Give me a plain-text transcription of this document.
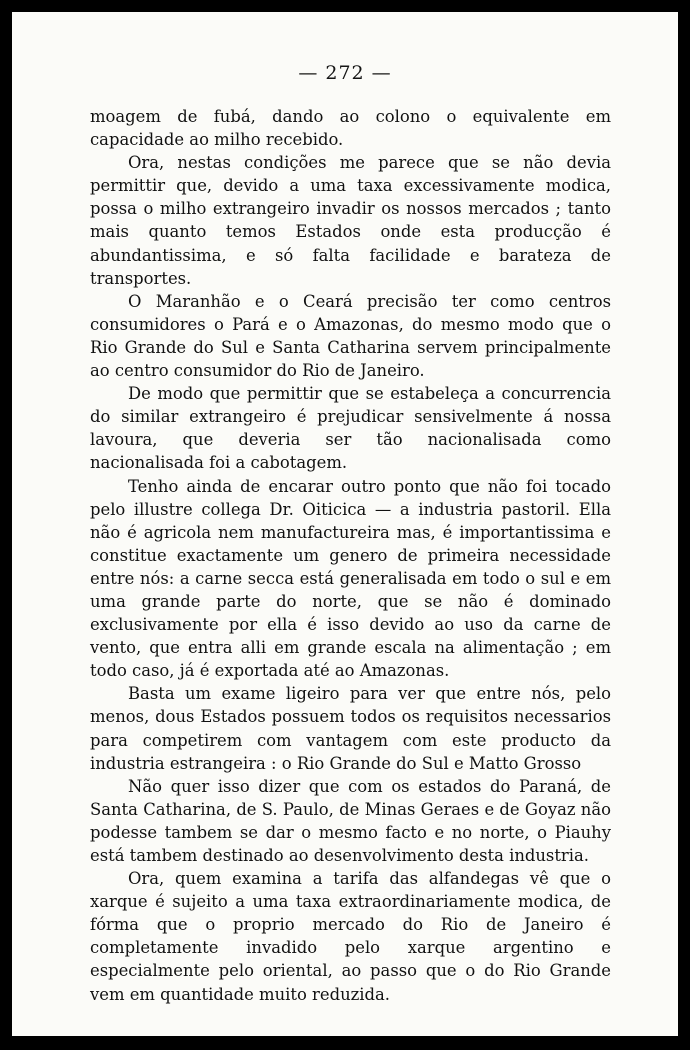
— 272 —

moagem de fubá, dando ao colono o equivalente em capacidade ao milho recebido.

Ora, nestas condições me parece que se não devia permittir que, devido a uma taxa excessivamente modica, possa o milho extrangeiro invadir os nossos mercados ; tanto mais quanto temos Estados onde esta producção é abundantissima, e só falta facilidade e barateza de transportes.

O Maranhão e o Ceará precisão ter como centros consumidores o Pará e o Amazonas, do mesmo modo que o Rio Grande do Sul e Santa Catharina servem principalmente ao centro consumidor do Rio de Janeiro.

De modo que permittir que se estabeleça a concurrencia do similar extrangeiro é prejudicar sensivelmente á nossa lavoura, que deveria ser tão nacionalisada como nacionalisada foi a cabotagem.

Tenho ainda de encarar outro ponto que não foi tocado pelo illustre collega Dr. Oiticica — a industria pastoril. Ella não é agricola nem manufactureira mas, é importantissima e constitue exactamente um genero de primeira necessidade entre nós: a carne secca está generalisada em todo o sul e em uma grande parte do norte, que se não é dominado exclusivamente por ella é isso devido ao uso da carne de vento, que entra alli em grande escala na alimentação ; em todo caso, já é exportada até ao Amazonas.

Basta um exame ligeiro para ver que entre nós, pelo menos, dous Estados possuem todos os requisitos necessarios para competirem com vantagem com este producto da industria estrangeira : o Rio Grande do Sul e Matto Grosso

Não quer isso dizer que com os estados do Paraná, de Santa Catharina, de S. Paulo, de Minas Geraes e de Goyaz não podesse tambem se dar o mesmo facto e no norte, o Piauhy está tambem destinado ao desenvolvimento desta industria.

Ora, quem examina a tarifa das alfandegas vê que o xarque é sujeito a uma taxa extraordinariamente modica, de fórma que o proprio mercado do Rio de Janeiro é completamente invadido pelo xarque argentino e especialmente pelo oriental, ao passo que o do Rio Grande vem em quantidade muito reduzida.
